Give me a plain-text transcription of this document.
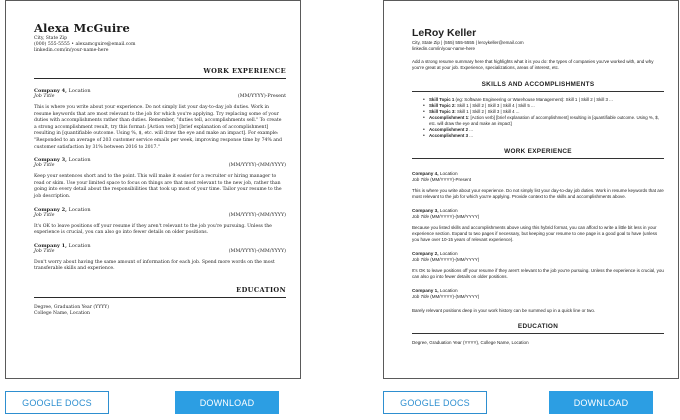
Alexa McGuire
City, State Zip
(000) 555-5555 • alexamcguire@email.com
linkedin.com/in/your-name-here
WORK EXPERIENCE
Company 4, Location
Job Title	(MM/YYYY)-Present
This is where you write about your experience. Do not simply list your day-to-day job duties. Work in resume keywords that are most relevant to the job for which you're applying. Try replacing some of your duties with accomplishments rather than duties. Remember, "duties tell, accomplishments sell." To create a strong accomplishment result, try this format: [Action verb] [brief explanation of accomplishment] resulting in [quantifiable outcome. Using %, $, etc. will draw the eye and make an impact]. For example: "Responded to an average of 203 customer service emails per week, improving response time by 74% and customer satisfaction by 31% between 2016 to 2017."
Company 3, Location
Job Title	(MM/YYYY)-(MM/YYYY)
Keep your sentences short and to the point. This will make it easier for a recruiter or hiring manager to read or skim. Use your limited space to focus on things are that most relevant to the new job, rather than going into every detail about the responsibilities that took up most of your time. Tailor your resume to the job description.
Company 2, Location
Job Title	(MM/YYYY)-(MM/YYYY)
It's OK to leave positions off your resume if they aren't relevant to the job you're pursuing. Unless the experience is crucial, you can also go into fewer details on older positions.
Company 1, Location
Job Title	(MM/YYYY)-(MM/YYYY)
Don't worry about having the same amount of information for each job. Spend more words on the most transferable skills and experience.
EDUCATION
Degree, Graduation Year (YYYY)
College Name, Location
LeRoy Keller
City, State Zip | (555) 555-5555 | leroykeller@email.com
linkedin.com/in/your-name-here
Add a strong resume summary here that highlights what it is you do: the types of companies you've worked with, and why you're great at your job. Experience, specializations, areas of interest, etc.
SKILLS AND ACCOMPLISHMENTS
• Skill Topic 1 (eg: Software Engineering or Warehouse Management): Skill 1 | Skill 2 | Skill 3 ...
• Skill Topic 2: Skill 1 | Skill 2 | Skill 3 | Skill 4 | Skill 5 ...
• Skill Topic 3: Skill 1 | Skill 2 | Skill 3 | Skill 4 ...
• Accomplishment 1: [Action verb] [brief explanation of accomplishment] resulting in [quantifiable outcome. Using %, $, etc. will draw the eye and make an impact]
• Accomplishment 2 ...
• Accomplishment 3 ...
WORK EXPERIENCE
Company 4, Location
Job Title (MM/YYYY)-Present
This is where you write about your experience. Do not simply list your day-to-day job duties. Work in resume keywords that are most relevant to the job for which you're applying. Provide context to the skills and accomplishments above.
Company 3, Location
Job Title (MM/YYYY)-(MM/YYYY)
Because you listed skills and accomplishments above using this hybrid format, you can afford to write a little bit less in your experience section. Expand to two pages if necessary, but keeping your resume to one page is a good goal to have (unless you have over 10-15 years of relevant experience).
Company 2, Location
Job Title (MM/YYYY)-(MM/YYYY)
It's OK to leave positions off your resume if they aren't relevant to the job you're pursuing. Unless the experience is crucial, you can also go into fewer details on older positions.
Company 1, Location
Job Title (MM/YYYY)-(MM/YYYY)
Barely relevant positions deep in your work history can be summed up in a quick line or two.
EDUCATION
Degree, Graduation Year (YYYY), College Name, Location
GOOGLE DOCS	DOWNLOAD	GOOGLE DOCS	DOWNLOAD
